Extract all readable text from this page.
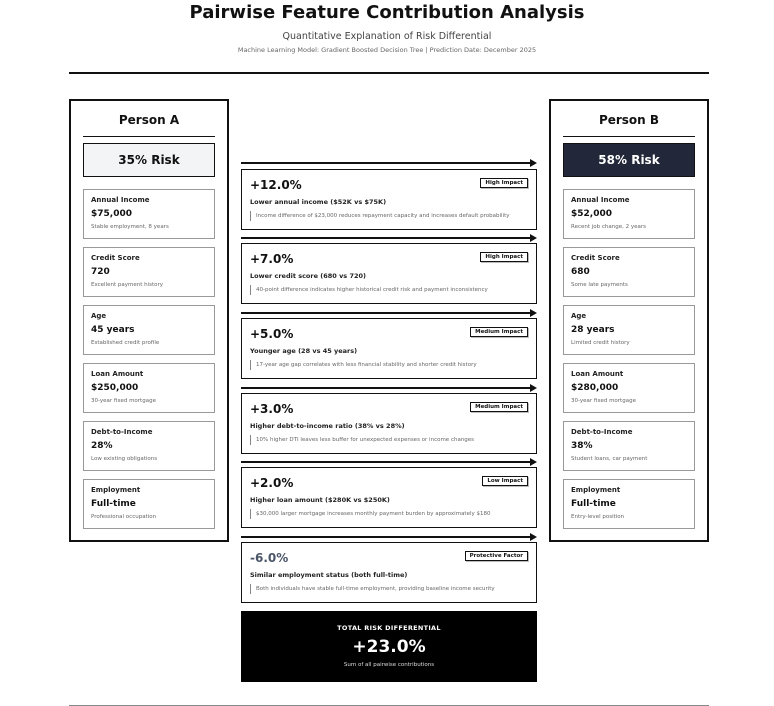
Pairwise Feature Contribution Analysis
Quantitative Explanation of Risk Differential
Machine Learning Model: Gradient Boosted Decision Tree | Prediction Date: December 2025
Person A
35% Risk
Annual Income
$75,000
Stable employment, 8 years
Credit Score
720
Excellent payment history
Age
45 years
Established credit profile
Loan Amount
$250,000
30-year fixed mortgage
Debt-to-Income
28%
Low existing obligations
Employment
Full-time
Professional occupation
Person B
58% Risk
Annual Income
$52,000
Recent job change, 2 years
Credit Score
680
Some late payments
Age
28 years
Limited credit history
Loan Amount
$280,000
30-year fixed mortgage
Debt-to-Income
38%
Student loans, car payment
Employment
Full-time
Entry-level position
+12.0%	High Impact
Lower annual income ($52K vs $75K)
Income difference of $23,000 reduces repayment capacity and increases default probability
+7.0%	High Impact
Lower credit score (680 vs 720)
40-point difference indicates higher historical credit risk and payment inconsistency
+5.0%	Medium Impact
Younger age (28 vs 45 years)
17-year age gap correlates with less financial stability and shorter credit history
+3.0%	Medium Impact
Higher debt-to-income ratio (38% vs 28%)
10% higher DTI leaves less buffer for unexpected expenses or income changes
+2.0%	Low Impact
Higher loan amount ($280K vs $250K)
$30,000 larger mortgage increases monthly payment burden by approximately $180
-6.0%	Protective Factor
Similar employment status (both full-time)
Both individuals have stable full-time employment, providing baseline income security
TOTAL RISK DIFFERENTIAL
+23.0%
Sum of all pairwise contributions
